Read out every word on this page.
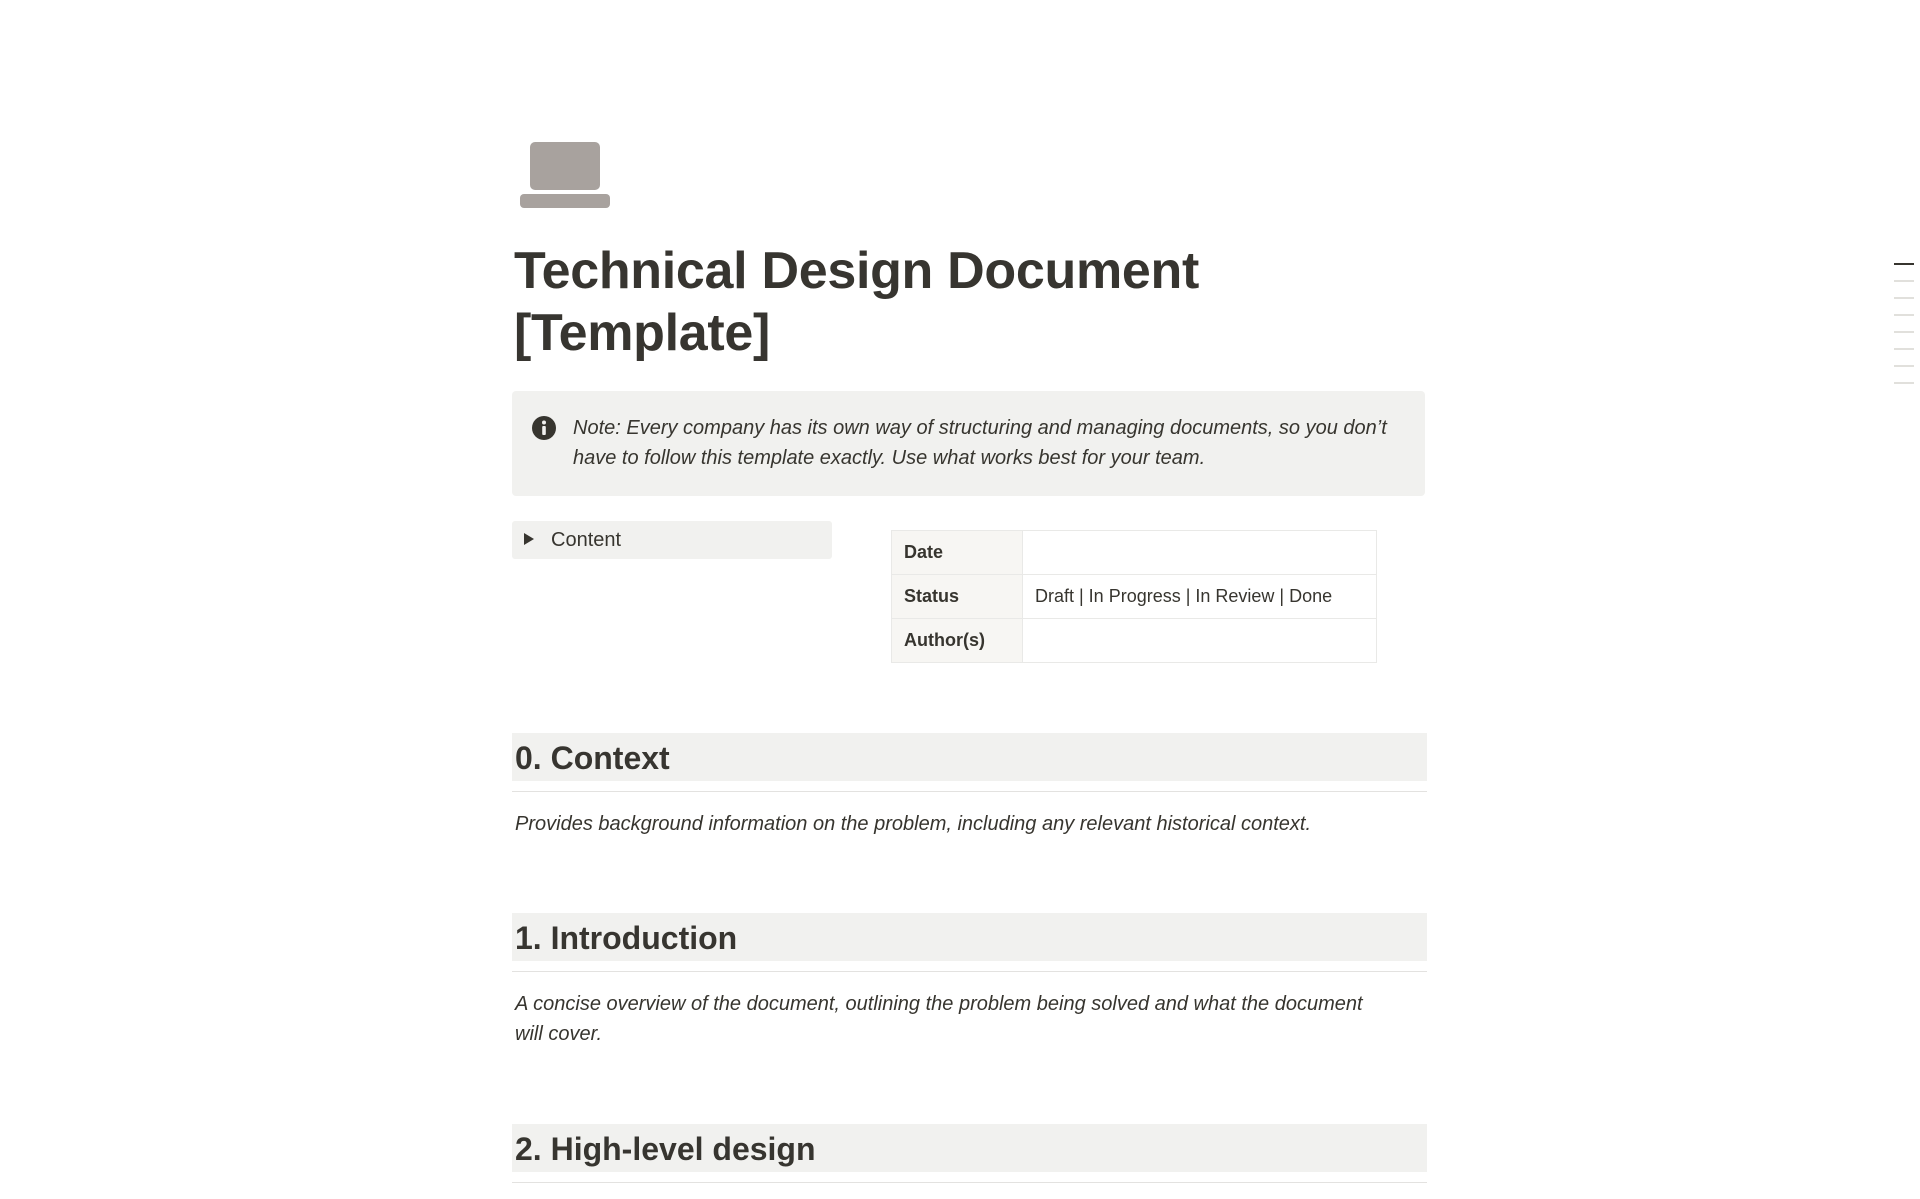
Technical Design Document [Template]
Note: Every company has its own way of structuring and managing documents, so you don’t have to follow this template exactly. Use what works best for your team.
Content
Date	
Status	Draft | In Progress | In Review | Done
Author(s)	
0. Context
Provides background information on the problem, including any relevant historical context.
1. Introduction
A concise overview of the document, outlining the problem being solved and what the document will cover.
2. High-level design
